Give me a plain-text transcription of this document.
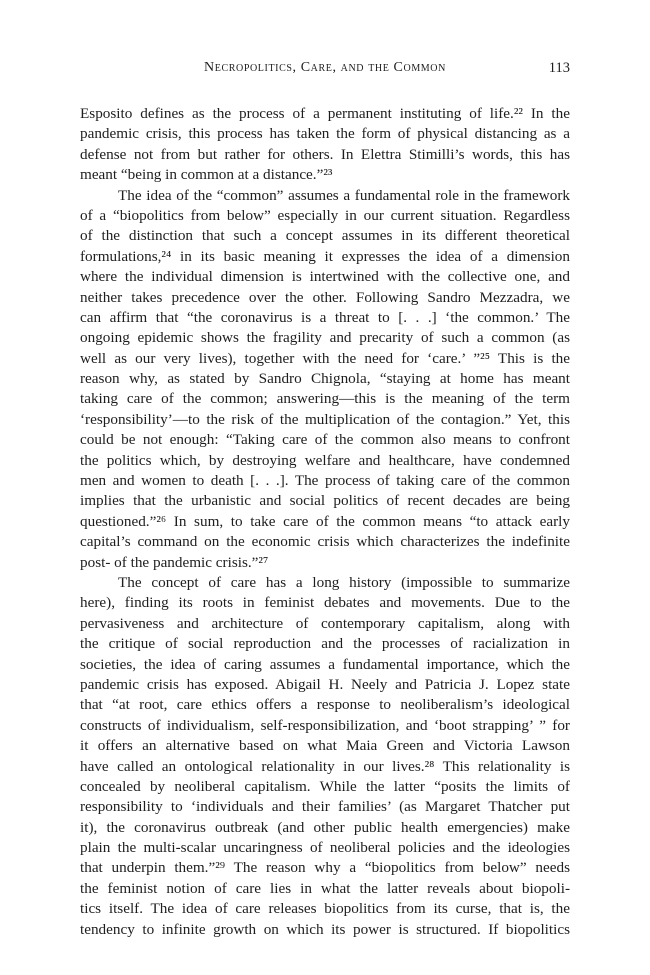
Necropolitics, Care, and the Common	113
Esposito defines as the process of a permanent instituting of life.²² In the
pandemic crisis, this process has taken the form of physical distancing as a
defense not from but rather for others. In Elettra Stimilli’s words, this has
meant “being in common at a distance.”²³
The idea of the “common” assumes a fundamental role in the framework
of a “biopolitics from below” especially in our current situation. Regardless
of the distinction that such a concept assumes in its different theoretical
formulations,²⁴ in its basic meaning it expresses the idea of a dimension
where the individual dimension is intertwined with the collective one, and
neither takes precedence over the other. Following Sandro Mezzadra, we
can affirm that “the coronavirus is a threat to [. . .] ‘the common.’ The
ongoing epidemic shows the fragility and precarity of such a common (as
well as our very lives), together with the need for ‘care.’ ”²⁵ This is the
reason why, as stated by Sandro Chignola, “staying at home has meant
taking care of the common; answering—this is the meaning of the term
‘responsibility’—to the risk of the multiplication of the contagion.” Yet, this
could be not enough: “Taking care of the common also means to confront
the politics which, by destroying welfare and healthcare, have condemned
men and women to death [. . .]. The process of taking care of the common
implies that the urbanistic and social politics of recent decades are being
questioned.”²⁶ In sum, to take care of the common means “to attack early
capital’s command on the economic crisis which characterizes the indefinite
post- of the pandemic crisis.”²⁷
The concept of care has a long history (impossible to summarize
here), finding its roots in feminist debates and movements. Due to the
pervasiveness and architecture of contemporary capitalism, along with
the critique of social reproduction and the processes of racialization in
societies, the idea of caring assumes a fundamental importance, which the
pandemic crisis has exposed. Abigail H. Neely and Patricia J. Lopez state
that “at root, care ethics offers a response to neoliberalism’s ideological
constructs of individualism, self-responsibilization, and ‘boot strapping’ ” for
it offers an alternative based on what Maia Green and Victoria Lawson
have called an ontological relationality in our lives.²⁸ This relationality is
concealed by neoliberal capitalism. While the latter “posits the limits of
responsibility to ‘individuals and their families’ (as Margaret Thatcher put
it), the coronavirus outbreak (and other public health emergencies) make
plain the multi-scalar uncaringness of neoliberal policies and the ideologies
that underpin them.”²⁹ The reason why a “biopolitics from below” needs
the feminist notion of care lies in what the latter reveals about biopoli-
tics itself. The idea of care releases biopolitics from its curse, that is, the
tendency to infinite growth on which its power is structured. If biopolitics
